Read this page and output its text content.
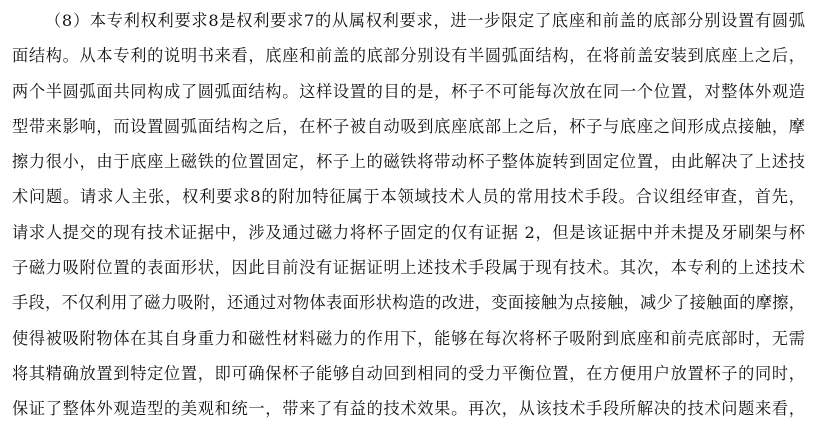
（8）本专利权利要求8是权利要求7的从属权利要求，进一步限定了底座和前盖的底部分别设置有圆弧
面结构。从本专利的说明书来看，底座和前盖的底部分别设有半圆弧面结构，在将前盖安装到底座上之后，
两个半圆弧面共同构成了圆弧面结构。这样设置的目的是，杯子不可能每次放在同一个位置，对整体外观造
型带来影响，而设置圆弧面结构之后，在杯子被自动吸到底座底部上之后，杯子与底座之间形成点接触，摩
擦力很小，由于底座上磁铁的位置固定，杯子上的磁铁将带动杯子整体旋转到固定位置，由此解决了上述技
术问题。请求人主张，权利要求8的附加特征属于本领域技术人员的常用技术手段。合议组经审查，首先，
请求人提交的现有技术证据中，涉及通过磁力将杯子固定的仅有证据 2，但是该证据中并未提及牙刷架与杯
子磁力吸附位置的表面形状，因此目前没有证据证明上述技术手段属于现有技术。其次，本专利的上述技术
手段，不仅利用了磁力吸附，还通过对物体表面形状构造的改进，变面接触为点接触，减少了接触面的摩擦，
使得被吸附物体在其自身重力和磁性材料磁力的作用下，能够在每次将杯子吸附到底座和前壳底部时，无需
将其精确放置到特定位置，即可确保杯子能够自动回到相同的受力平衡位置，在方便用户放置杯子的同时，
保证了整体外观造型的美观和统一，带来了有益的技术效果。再次，从该技术手段所解决的技术问题来看，
